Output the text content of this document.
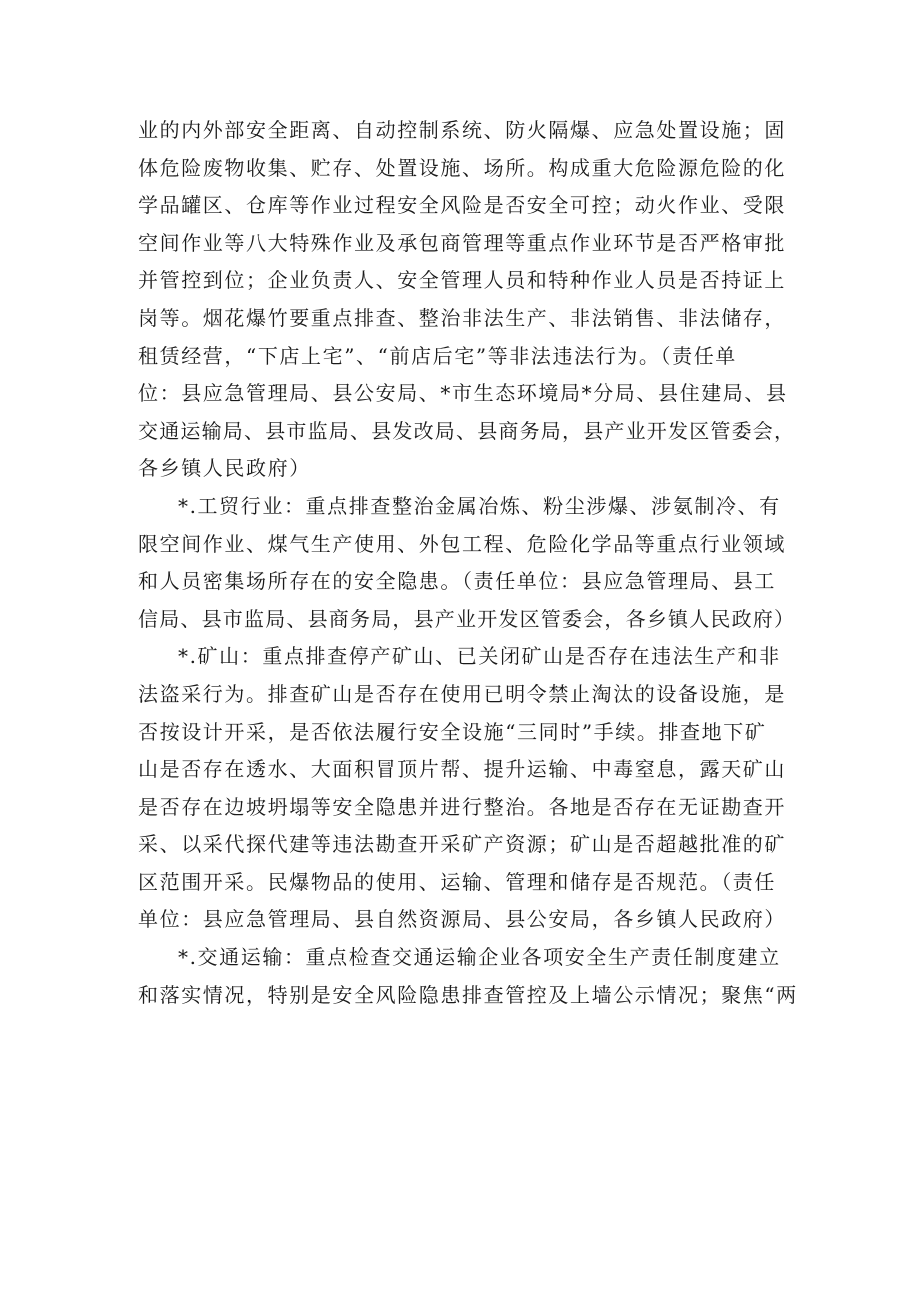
业的内外部安全距离、自动控制系统、防火隔爆、应急处置设施；固
体危险废物收集、贮存、处置设施、场所。构成重大危险源危险的化
学品罐区、仓库等作业过程安全风险是否安全可控；动火作业、受限
空间作业等八大特殊作业及承包商管理等重点作业环节是否严格审批
并管控到位；企业负责人、安全管理人员和特种作业人员是否持证上
岗等。烟花爆竹要重点排查、整治非法生产、非法销售、非法储存，
租赁经营，“下店上宅”、“前店后宅”等非法违法行为。（责任单
位：县应急管理局、县公安局、*市生态环境局*分局、县住建局、县
交通运输局、县市监局、县发改局、县商务局，县产业开发区管委会，
各乡镇人民政府）
*.工贸行业：重点排查整治金属冶炼、粉尘涉爆、涉氨制冷、有
限空间作业、煤气生产使用、外包工程、危险化学品等重点行业领域
和人员密集场所存在的安全隐患。（责任单位：县应急管理局、县工
信局、县市监局、县商务局，县产业开发区管委会，各乡镇人民政府）
*.矿山：重点排查停产矿山、已关闭矿山是否存在违法生产和非
法盗采行为。排查矿山是否存在使用已明令禁止淘汰的设备设施，是
否按设计开采，是否依法履行安全设施“三同时”手续。排查地下矿
山是否存在透水、大面积冒顶片帮、提升运输、中毒窒息，露天矿山
是否存在边坡坍塌等安全隐患并进行整治。各地是否存在无证勘查开
采、以采代探代建等违法勘查开采矿产资源；矿山是否超越批准的矿
区范围开采。民爆物品的使用、运输、管理和储存是否规范。（责任
单位：县应急管理局、县自然资源局、县公安局，各乡镇人民政府）
*.交通运输：重点检查交通运输企业各项安全生产责任制度建立
和落实情况，特别是安全风险隐患排查管控及上墙公示情况；聚焦“两
